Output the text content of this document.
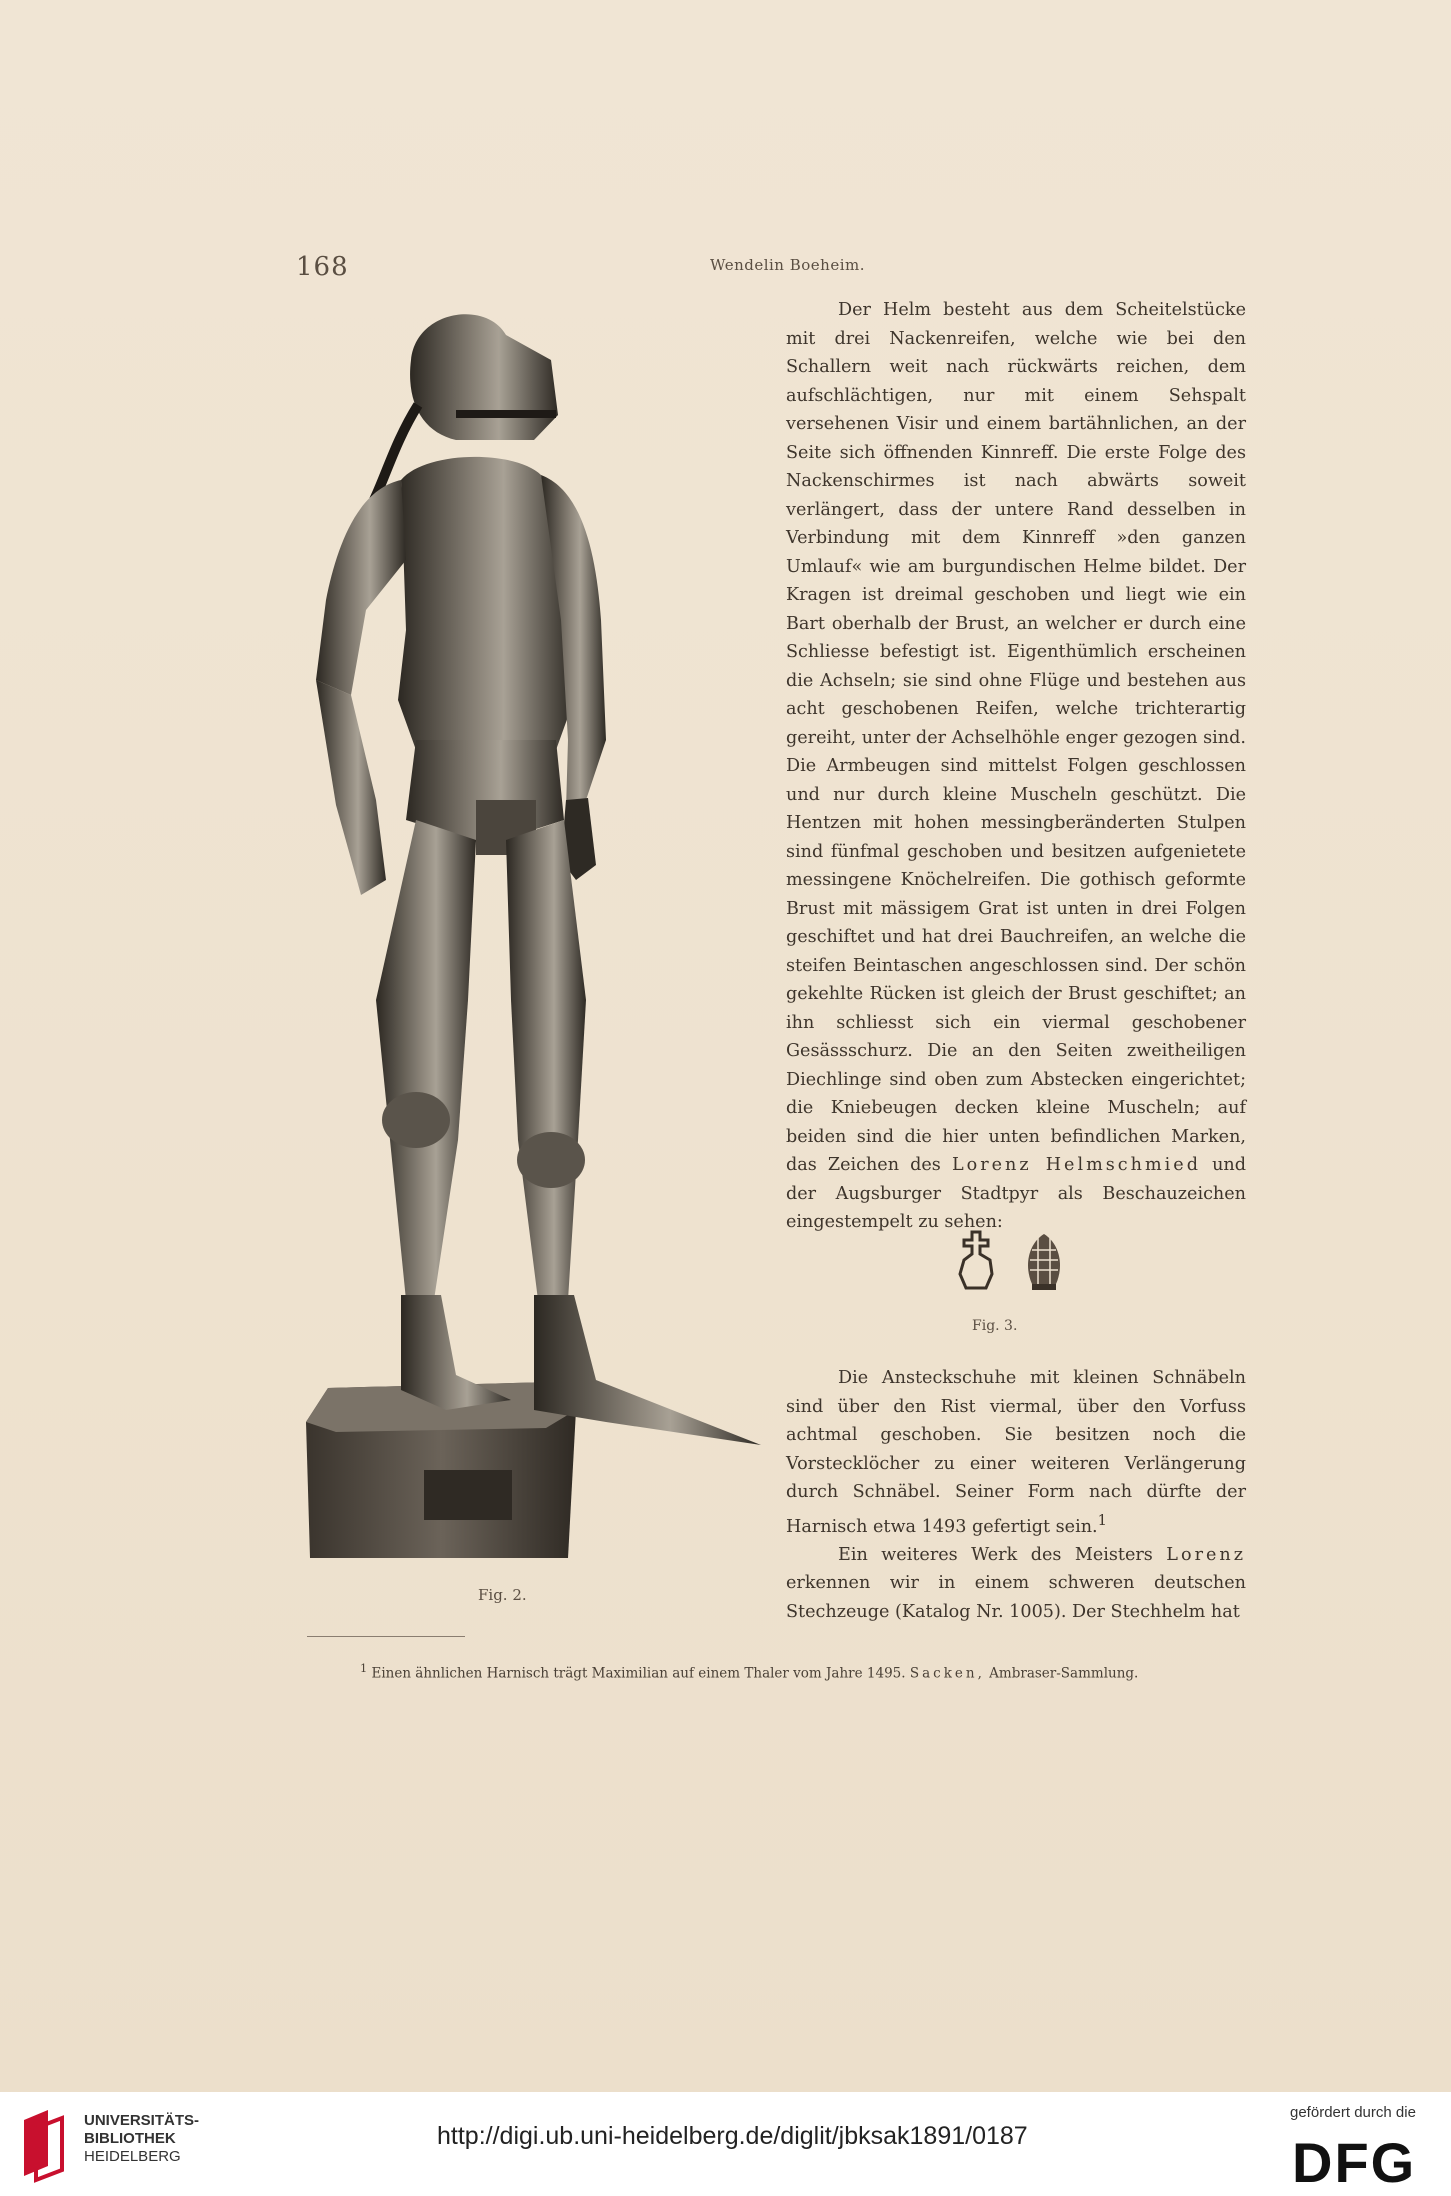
168	Wendelin Boeheim.
Fig. 2.

Der Helm besteht aus dem Scheitelstücke mit drei Nackenreifen, welche wie bei den Schallern weit nach rückwärts reichen, dem aufschlächtigen, nur mit einem Sehspalt versehenen Visir und einem bartähnlichen, an der Seite sich öffnenden Kinnreff. Die erste Folge des Nackenschirmes ist nach abwärts soweit verlängert, dass der untere Rand desselben in Verbindung mit dem Kinnreff »den ganzen Umlauf« wie am burgundischen Helme bildet. Der Kragen ist dreimal geschoben und liegt wie ein Bart oberhalb der Brust, an welcher er durch eine Schliesse befestigt ist. Eigenthümlich erscheinen die Achseln; sie sind ohne Flüge und bestehen aus acht geschobenen Reifen, welche trichterartig gereiht, unter der Achselhöhle enger gezogen sind. Die Armbeugen sind mittelst Folgen geschlossen und nur durch kleine Muscheln geschützt. Die Hentzen mit hohen messingberänderten Stulpen sind fünfmal geschoben und besitzen aufgenietete messingene Knöchelreifen. Die gothisch geformte Brust mit mässigem Grat ist unten in drei Folgen geschiftet und hat drei Bauchreifen, an welche die steifen Beintaschen angeschlossen sind. Der schön gekehlte Rücken ist gleich der Brust geschiftet; an ihn schliesst sich ein viermal geschobener Gesässschurz. Die an den Seiten zweitheiligen Diechlinge sind oben zum Abstecken eingerichtet; die Kniebeugen decken kleine Muscheln; auf beiden sind die hier unten befindlichen Marken, das Zeichen des Lorenz Helmschmied und der Augsburger Stadtpyr als Beschauzeichen eingestempelt zu sehen:

Fig. 3.

Die Ansteckschuhe mit kleinen Schnäbeln sind über den Rist viermal, über den Vorfuss achtmal geschoben. Sie besitzen noch die Vorstecklöcher zu einer weiteren Verlängerung durch Schnäbel. Seiner Form nach dürfte der Harnisch etwa 1493 gefertigt sein.$^1$

Ein weiteres Werk des Meisters Lorenz erkennen wir in einem schweren deutschen Stechzeuge (Katalog Nr. 1005). Der Stechhelm hat

$^1$ Einen ähnlichen Harnisch trägt Maximilian auf einem Thaler vom Jahre 1495. Sacken, Ambraser-Sammlung.
UNIVERSITÄTS-
BIBLIOTHEK
HEIDELBERG
http://digi.ub.uni-heidelberg.de/diglit/jbksak1891/0187
gefördert durch die
DFG
